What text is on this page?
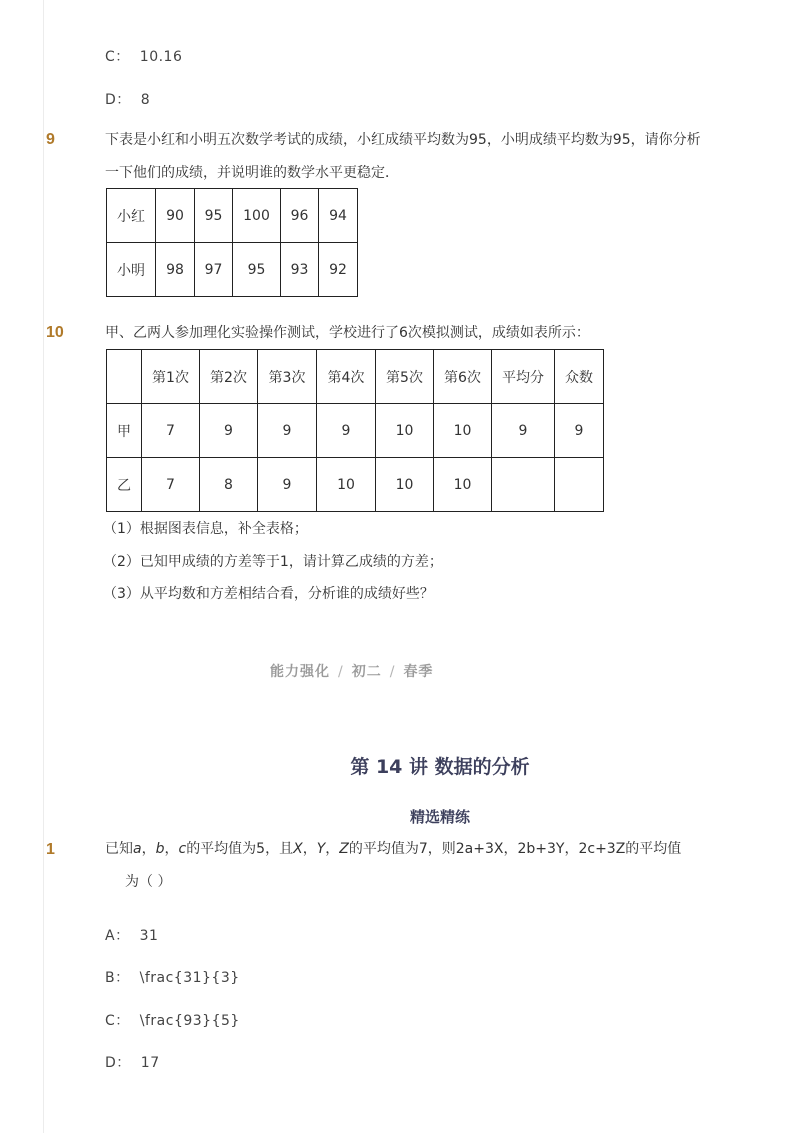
C： 10.16
D： 8
9	下表是小红和小明五次数学考试的成绩，小红成绩平均数为95，小明成绩平均数为95，请你分析
一下他们的成绩，并说明谁的数学水平更稳定．
小红	90	95	100	96	94
小明	98	97	95	93	92
10	甲、乙两人参加理化实验操作测试，学校进行了6次模拟测试，成绩如表所示：
	第1次	第2次	第3次	第4次	第5次	第6次	平均分	众数
甲	7	9	9	9	10	10	9	9
乙	7	8	9	10	10	10		
（1）根据图表信息，补全表格；
（2）已知甲成绩的方差等于1，请计算乙成绩的方差；
（3）从平均数和方差相结合看，分析谁的成绩好些？
能力强化 / 初二 / 春季
第 14 讲 数据的分析
精选精练
1	已知a，b，c的平均值为5，且X，Y，Z的平均值为7，则2a+3X，2b+3Y，2c+3Z的平均值
为（ ）
A： 31
B： \frac{31}{3}
C： \frac{93}{5}
D： 17
